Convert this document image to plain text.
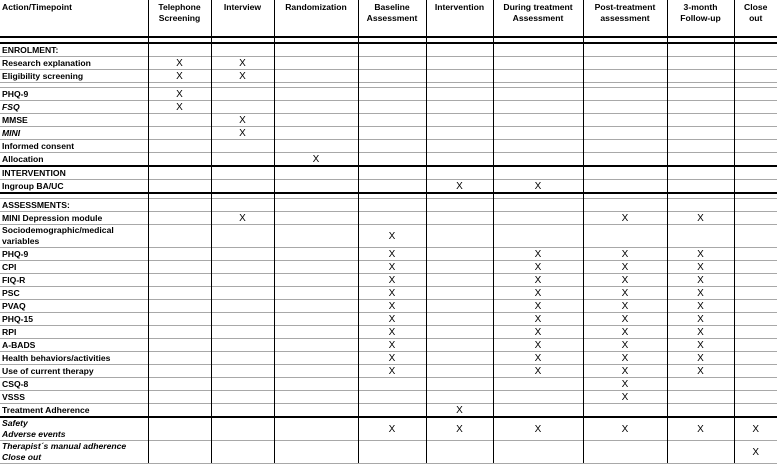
Action/Timepoint	Telephone Screening	Interview	Randomization	Baseline Assessment	Intervention	During treatment Assessment	Post-treatment assessment	3-month Follow-up	Close out

ENROLMENT:									
Research explanation	X	X							
Eligibility screening	X	X							

PHQ-9	X								
FSQ	X								
MMSE		X							
MINI		X							
Informed consent									
Allocation			X						
INTERVENTION									
Ingroup BA/UC					X	X			

ASSESSMENTS:									
MINI Depression module		X					X	X	
Sociodemographic/medical variables				X					
PHQ-9				X		X	X	X	
CPI				X		X	X	X	
FIQ-R				X		X	X	X	
PSC				X		X	X	X	
PVAQ				X		X	X	X	
PHQ-15				X		X	X	X	
RPI				X		X	X	X	
A-BADS				X		X	X	X	
Health behaviors/activities				X		X	X	X	
Use of current therapy				X		X	X	X	
CSQ-8							X		
VSSS							X		
Treatment Adherence					X				
Safety
Adverse events				X	X	X	X	X	X
Therapist´s manual adherence
Close out									X
